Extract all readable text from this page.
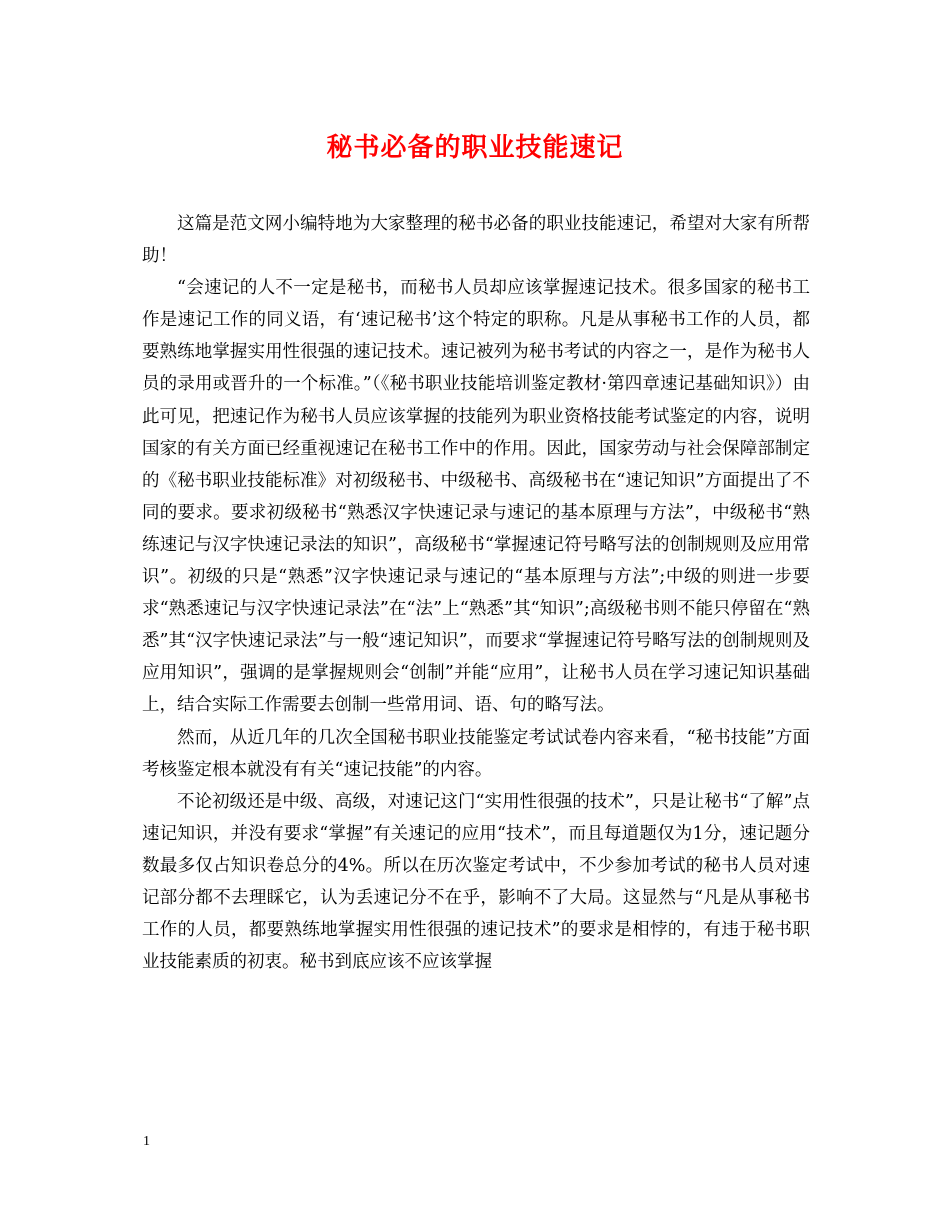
秘书必备的职业技能速记

这篇是范文网小编特地为大家整理的秘书必备的职业技能速记，希望对大家有所帮助！

“会速记的人不一定是秘书，而秘书人员却应该掌握速记技术。很多国家的秘书工作是速记工作的同义语，有‘速记秘书’这个特定的职称。凡是从事秘书工作的人员，都要熟练地掌握实用性很强的速记技术。速记被列为秘书考试的内容之一，是作为秘书人员的录用或晋升的一个标准。”（《秘书职业技能培训鉴定教材·第四章速记基础知识》）由此可见，把速记作为秘书人员应该掌握的技能列为职业资格技能考试鉴定的内容，说明国家的有关方面已经重视速记在秘书工作中的作用。因此，国家劳动与社会保障部制定的《秘书职业技能标准》对初级秘书、中级秘书、高级秘书在“速记知识”方面提出了不同的要求。要求初级秘书“熟悉汉字快速记录与速记的基本原理与方法”，中级秘书“熟练速记与汉字快速记录法的知识”，高级秘书“掌握速记符号略写法的创制规则及应用常识”。初级的只是“熟悉”汉字快速记录与速记的“基本原理与方法”;中级的则进一步要求“熟悉速记与汉字快速记录法”在“法”上“熟悉”其“知识”;高级秘书则不能只停留在“熟悉”其“汉字快速记录法”与一般“速记知识”，而要求“掌握速记符号略写法的创制规则及应用知识”，强调的是掌握规则会“创制”并能“应用”，让秘书人员在学习速记知识基础上，结合实际工作需要去创制一些常用词、语、句的略写法。

然而，从近几年的几次全国秘书职业技能鉴定考试试卷内容来看，“秘书技能”方面考核鉴定根本就没有有关“速记技能”的内容。

不论初级还是中级、高级，对速记这门“实用性很强的技术”，只是让秘书“了解”点速记知识，并没有要求“掌握”有关速记的应用“技术”，而且每道题仅为1分，速记题分数最多仅占知识卷总分的4%。所以在历次鉴定考试中，不少参加考试的秘书人员对速记部分都不去理睬它，认为丢速记分不在乎，影响不了大局。这显然与“凡是从事秘书工作的人员，都要熟练地掌握实用性很强的速记技术”的要求是相悖的，有违于秘书职业技能素质的初衷。秘书到底应该不应该掌握

1
